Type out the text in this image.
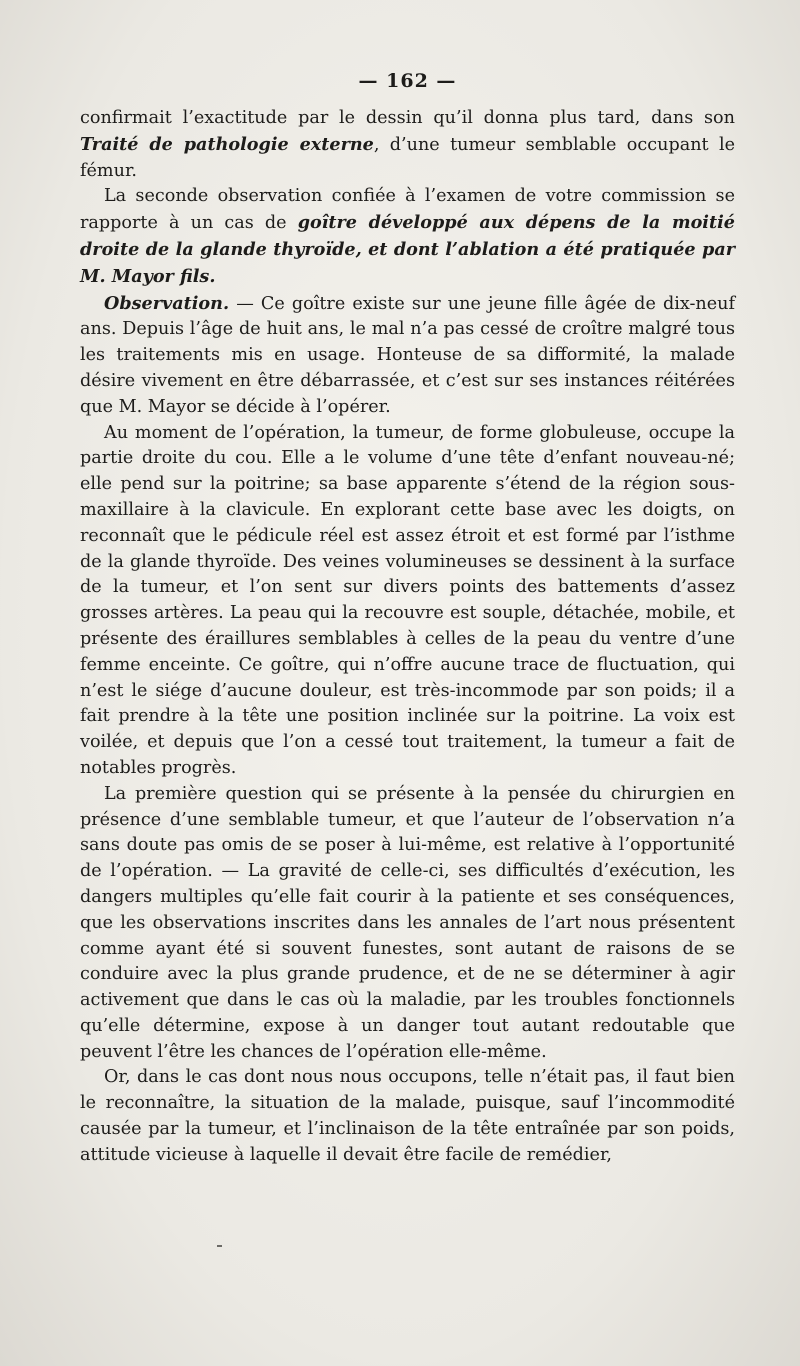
— 162 —

confirmait l’exactitude par le dessin qu’il donna plus tard, dans son Traité de pathologie externe, d’une tumeur semblable occupant le fémur.

La seconde observation confiée à l’examen de votre commission se rapporte à un cas de goître développé aux dépens de la moitié droite de la glande thyroïde, et dont l’ablation a été pratiquée par M. Mayor fils.

Observation. — Ce goître existe sur une jeune fille âgée de dix-neuf ans. Depuis l’âge de huit ans, le mal n’a pas cessé de croître malgré tous les traitements mis en usage. Honteuse de sa difformité, la malade désire vivement en être débarrassée, et c’est sur ses instances réitérées que M. Mayor se décide à l’opérer.

Au moment de l’opération, la tumeur, de forme globuleuse, occupe la partie droite du cou. Elle a le volume d’une tête d’enfant nouveau-né; elle pend sur la poitrine; sa base apparente s’étend de la région sous-maxillaire à la clavicule. En explorant cette base avec les doigts, on reconnaît que le pédicule réel est assez étroit et est formé par l’isthme de la glande thyroïde. Des veines volumineuses se dessinent à la surface de la tumeur, et l’on sent sur divers points des battements d’assez grosses artères. La peau qui la recouvre est souple, détachée, mobile, et présente des éraillures semblables à celles de la peau du ventre d’une femme enceinte. Ce goître, qui n’offre aucune trace de fluctuation, qui n’est le siége d’aucune douleur, est très-incommode par son poids; il a fait prendre à la tête une position inclinée sur la poitrine. La voix est voilée, et depuis que l’on a cessé tout traitement, la tumeur a fait de notables progrès.

La première question qui se présente à la pensée du chirurgien en présence d’une semblable tumeur, et que l’auteur de l’observation n’a sans doute pas omis de se poser à lui-même, est relative à l’opportunité de l’opération. — La gravité de celle-ci, ses difficultés d’exécution, les dangers multiples qu’elle fait courir à la patiente et ses conséquences, que les observations inscrites dans les annales de l’art nous présentent comme ayant été si souvent funestes, sont autant de raisons de se conduire avec la plus grande prudence, et de ne se déterminer à agir activement que dans le cas où la maladie, par les troubles fonctionnels qu’elle détermine, expose à un danger tout autant redoutable que peuvent l’être les chances de l’opération elle-même.

Or, dans le cas dont nous nous occupons, telle n’était pas, il faut bien le reconnaître, la situation de la malade, puisque, sauf l’incommodité causée par la tumeur, et l’inclinaison de la tête entraînée par son poids, attitude vicieuse à laquelle il devait être facile de remédier,
